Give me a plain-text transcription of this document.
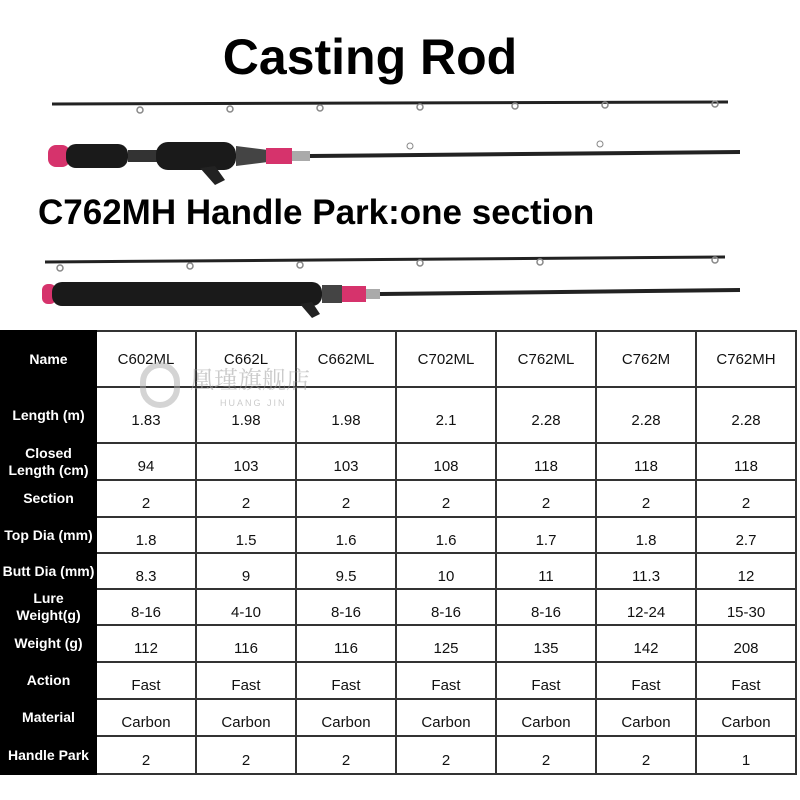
Casting Rod
C762MH Handle Park:one section
Name	C602ML	C662L	C662ML	C702ML	C762ML	C762M	C762MH
Length (m)	1.83	1.98	1.98	2.1	2.28	2.28	2.28
Closed Length (cm)	94	103	103	108	118	118	118
Section	2	2	2	2	2	2	2
Top Dia (mm)	1.8	1.5	1.6	1.6	1.7	1.8	2.7
Butt Dia (mm)	8.3	9	9.5	10	11	11.3	12
Lure Weight(g)	8-16	4-10	8-16	8-16	8-16	12-24	15-30
Weight (g)	112	116	116	125	135	142	208
Action	Fast	Fast	Fast	Fast	Fast	Fast	Fast
Material	Carbon	Carbon	Carbon	Carbon	Carbon	Carbon	Carbon
Handle Park	2	2	2	2	2	2	1
凰瑾旗舰店
HUANG JIN
